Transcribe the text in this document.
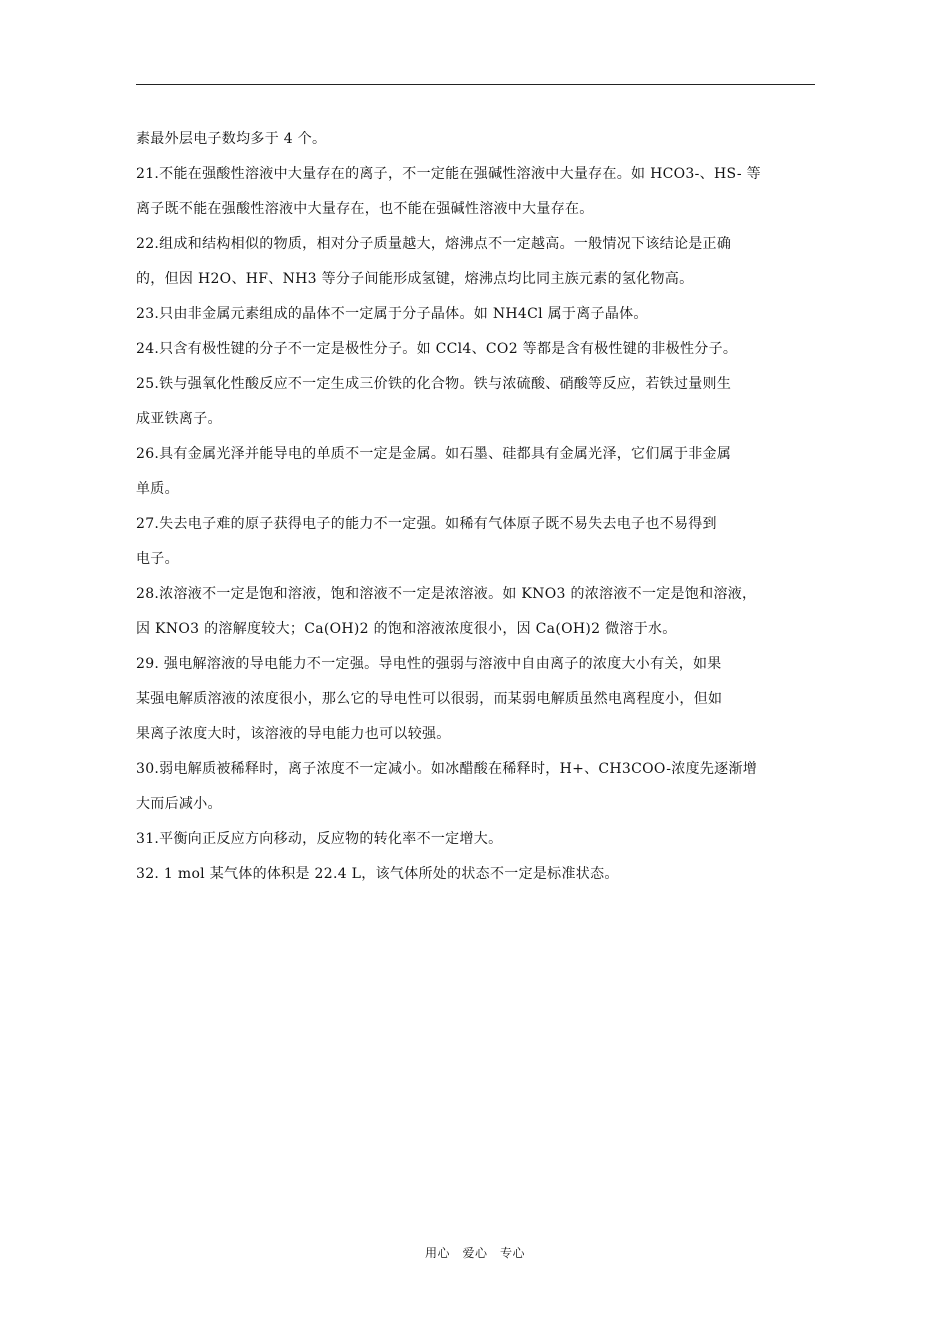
素最外层电子数均多于 4 个。
21.不能在强酸性溶液中大量存在的离子，不一定能在强碱性溶液中大量存在。如 HCO3-、HS- 等
离子既不能在强酸性溶液中大量存在，也不能在强碱性溶液中大量存在。
22.组成和结构相似的物质，相对分子质量越大，熔沸点不一定越高。一般情况下该结论是正确
的，但因 H2O、HF、NH3 等分子间能形成氢键，熔沸点均比同主族元素的氢化物高。
23.只由非金属元素组成的晶体不一定属于分子晶体。如 NH4Cl 属于离子晶体。
24.只含有极性键的分子不一定是极性分子。如 CCl4、CO2 等都是含有极性键的非极性分子。
25.铁与强氧化性酸反应不一定生成三价铁的化合物。铁与浓硫酸、硝酸等反应，若铁过量则生
成亚铁离子。
26.具有金属光泽并能导电的单质不一定是金属。如石墨、硅都具有金属光泽，它们属于非金属
单质。
27.失去电子难的原子获得电子的能力不一定强。如稀有气体原子既不易失去电子也不易得到
电子。
28.浓溶液不一定是饱和溶液，饱和溶液不一定是浓溶液。如 KNO3 的浓溶液不一定是饱和溶液，
因 KNO3 的溶解度较大；Ca(OH)2 的饱和溶液浓度很小，因 Ca(OH)2 微溶于水。
29. 强电解溶液的导电能力不一定强。导电性的强弱与溶液中自由离子的浓度大小有关，如果
某强电解质溶液的浓度很小，那么它的导电性可以很弱，而某弱电解质虽然电离程度小，但如
果离子浓度大时，该溶液的导电能力也可以较强。
30.弱电解质被稀释时，离子浓度不一定减小。如冰醋酸在稀释时，H+、CH3COO-浓度先逐渐增
大而后减小。
31.平衡向正反应方向移动，反应物的转化率不一定增大。
32. 1 mol 某气体的体积是 22.4 L，该气体所处的状态不一定是标准状态。
用心　爱心　专心
